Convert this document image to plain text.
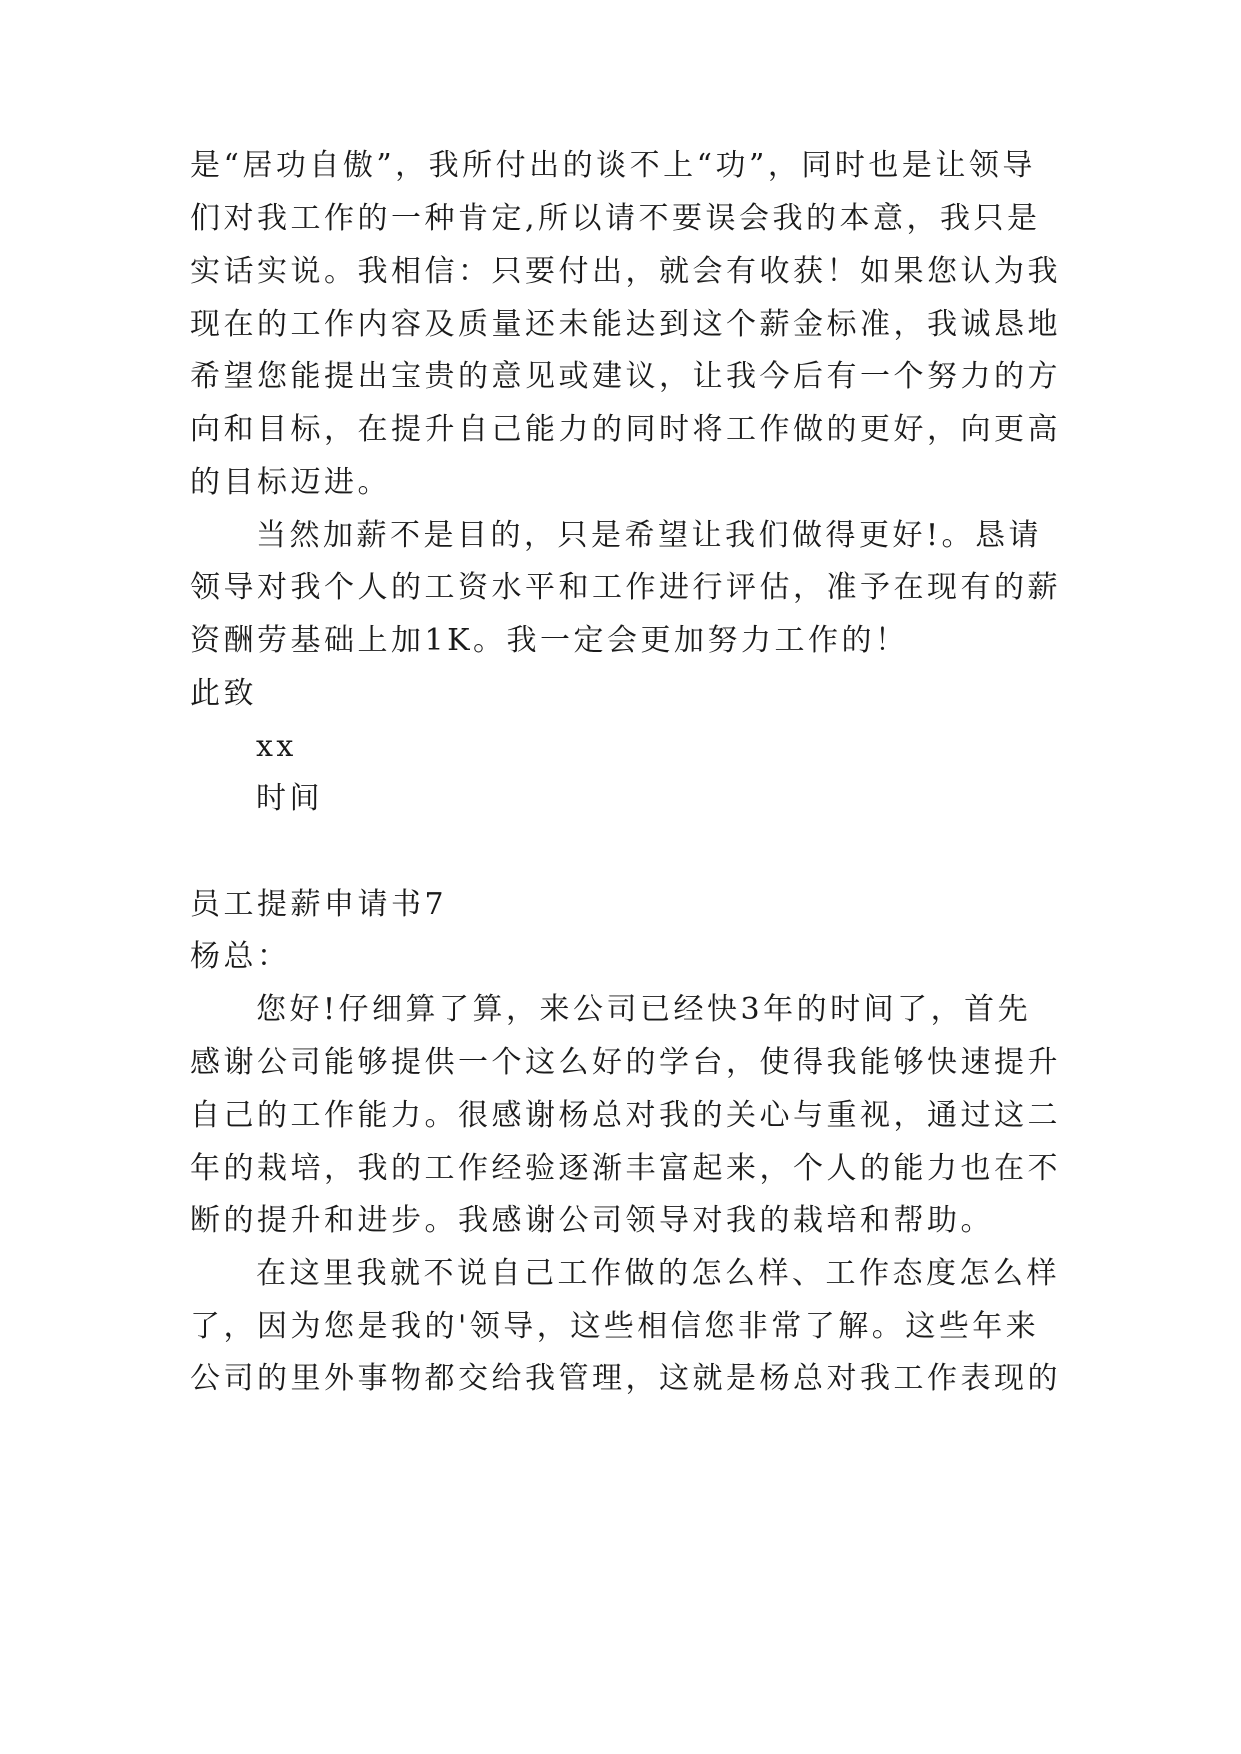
是“居功自傲”，我所付出的谈不上“功”，同时也是让领导
们对我工作的一种肯定,所以请不要误会我的本意，我只是
实话实说。我相信：只要付出，就会有收获！如果您认为我
现在的工作内容及质量还未能达到这个薪金标准，我诚恳地
希望您能提出宝贵的意见或建议，让我今后有一个努力的方
向和目标，在提升自己能力的同时将工作做的更好，向更高
的目标迈进。
当然加薪不是目的，只是希望让我们做得更好!。恳请
领导对我个人的工资水平和工作进行评估，准予在现有的薪
资酬劳基础上加1K。我一定会更加努力工作的！
此致
xx
时间
员工提薪申请书7
杨总：
您好!仔细算了算，来公司已经快3年的时间了，首先
感谢公司能够提供一个这么好的学台，使得我能够快速提升
自己的工作能力。很感谢杨总对我的关心与重视，通过这二
年的栽培，我的工作经验逐渐丰富起来，个人的能力也在不
断的提升和进步。我感谢公司领导对我的栽培和帮助。
在这里我就不说自己工作做的怎么样、工作态度怎么样
了，因为您是我的'领导，这些相信您非常了解。这些年来
公司的里外事物都交给我管理，这就是杨总对我工作表现的
